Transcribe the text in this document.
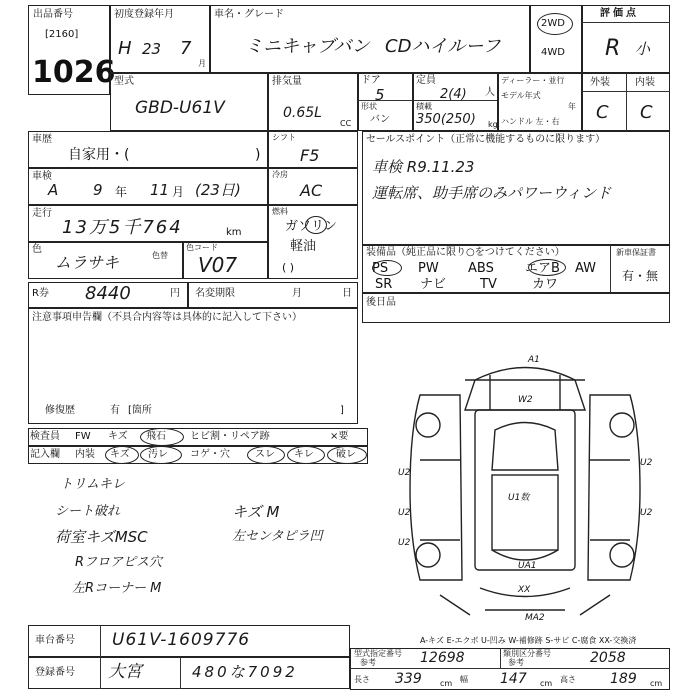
出品番号
[2160]
1026
初度登録年月
H 23 7
月
車名・グレード
ミニキャブバン CDハイルーフ
2WD
4WD
評価点
R 小
型式
GBD-U61V
排気量
0.65L
CC
ドア
5
定員
2(4) 人
形状
バン
積載
350(250) kg
ディーラー・並行
モデル年式
年
ハンドル 左・右
外装	内装
C C
車歴
自家用・(	)
シフト
F5
車検
A 9 年 11 月 (23日)
冷房
AC
走行
13万5千764	km
燃料
ガソリン
軽油
( )
色
ムラサキ	色替
色コード
V07
R券 8440	円 名変期限	月	日
注意事項申告欄（不具合内容等は具体的に記入して下さい）
修復歴	有 [箇所	]
セールスポイント（正常に機能するものに限ります）
車検 R9.11.23
運転席、助手席のみパワーウィンド
装備品（純正品に限り○をつけてください）	新車保証書
有・無
後日品
検査員
記入欄
トリムキレ
シート破れ
荷室キズMSC
キズ M
左センタピラ凹
Rフロアピス穴
左Rコーナー M
A1
W2
U2
U2
U2
U2
U2
U1数
UA1
XX
MA2
車台番号 U61V-1609776
登録番号 大宮	480な7092
A-キズ E-エクボ U-凹み W-補修跡 S-サビ C-腐食 XX-交換済
型式指定番号
参考	12698	類別区分番号
参考	2058
長さ 339 cm 幅 147 cm 高さ 189 cm
PS PW ABS エアB AW
SR ナビ	TV	カワ
FW キズ 飛石 ヒビ割・リペア跡	×要
内装 キズ 汚レ コゲ・穴	スレ キレ 破レ
